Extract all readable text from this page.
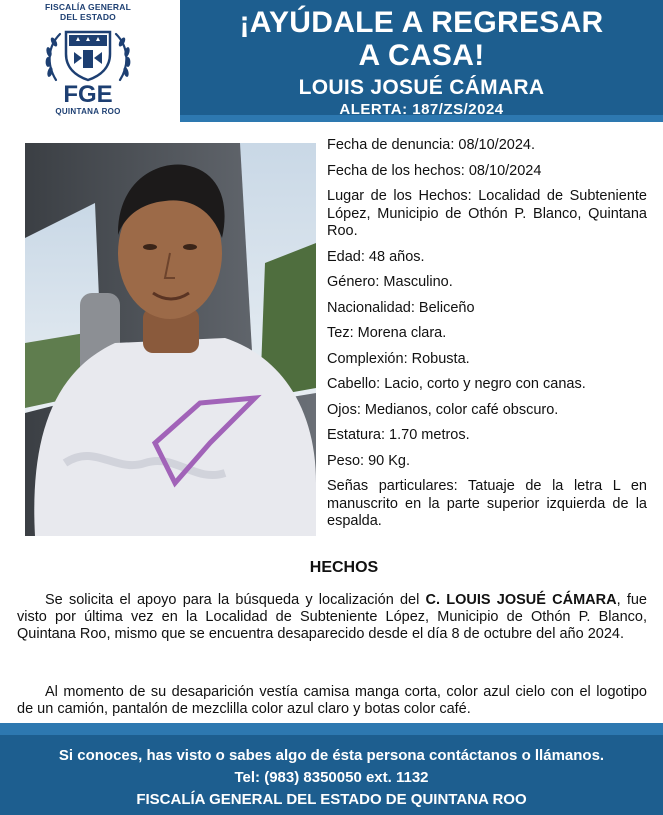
FISCALÍA GENERAL
DEL ESTADO
FGE
QUINTANA ROO
¡AYÚDALE A REGRESAR
A CASA!
LOUIS JOSUÉ CÁMARA
ALERTA: 187/ZS/2024
Fecha de denuncia: 08/10/2024.
Fecha de los hechos: 08/10/2024
Lugar de los Hechos: Localidad de Subteniente López, Municipio de Othón P. Blanco, Quintana Roo.
Edad: 48 años.
Género: Masculino.
Nacionalidad: Beliceño
Tez: Morena clara.
Complexión: Robusta.
Cabello: Lacio, corto y negro con canas.
Ojos: Medianos, color café obscuro.
Estatura: 1.70 metros.
Peso: 90 Kg.
Señas particulares: Tatuaje de la letra L en manuscrito en la parte superior izquierda de la espalda.
HECHOS

Se solicita el apoyo para la búsqueda y localización del C. LOUIS JOSUÉ CÁMARA, fue visto por última vez en la Localidad de Subteniente López, Municipio de Othón P. Blanco, Quintana Roo, mismo que se encuentra desaparecido desde el día 8 de octubre del año 2024.

Al momento de su desaparición vestía camisa manga corta, color azul cielo con el logotipo de un camión, pantalón de mezclilla color azul claro y botas color café.

Si conoces, has visto o sabes algo de ésta persona contáctanos o llámanos.
Tel: (983) 8350050 ext. 1132
FISCALÍA GENERAL DEL ESTADO DE QUINTANA ROO
